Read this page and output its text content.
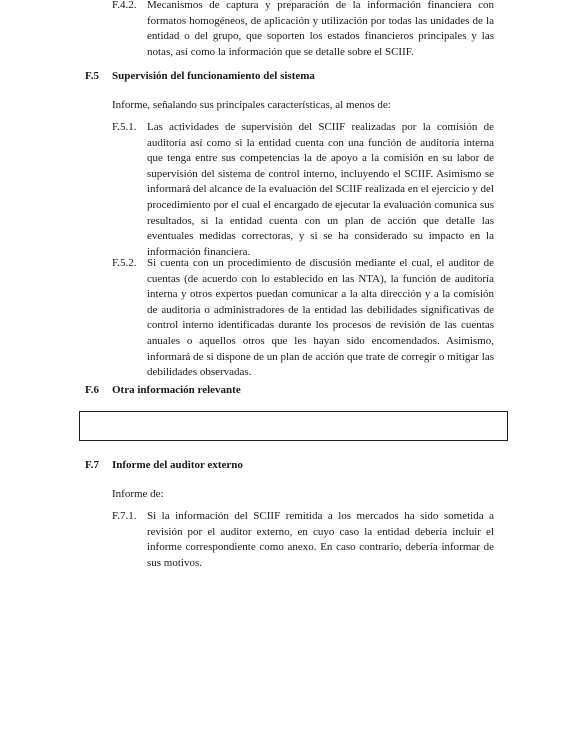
F.4.2. Mecanismos de captura y preparación de la información financiera con formatos homogéneos, de aplicación y utilización por todas las unidades de la entidad o del grupo, que soporten los estados financieros principales y las notas, así como la información que se detalle sobre el SCIIF.
F.5 Supervisión del funcionamiento del sistema
Informe, señalando sus principales características, al menos de:
F.5.1. Las actividades de supervisión del SCIIF realizadas por la comisión de auditoría así como si la entidad cuenta con una función de auditoría interna que tenga entre sus competencias la de apoyo a la comisión en su labor de supervisión del sistema de control interno, incluyendo el SCIIF. Asimismo se informará del alcance de la evaluación del SCIIF realizada en el ejercicio y del procedimiento por el cual el encargado de ejecutar la evaluación comunica sus resultados, si la entidad cuenta con un plan de acción que detalle las eventuales medidas correctoras, y si se ha considerado su impacto en la información financiera.
F.5.2. Si cuenta con un procedimiento de discusión mediante el cual, el auditor de cuentas (de acuerdo con lo establecido en las NTA), la función de auditoría interna y otros expertos puedan comunicar a la alta dirección y a la comisión de auditoría o administradores de la entidad las debilidades significativas de control interno identificadas durante los procesos de revisión de las cuentas anuales o aquellos otros que les hayan sido encomendados. Asimismo, informará de si dispone de un plan de acción que trate de corregir o mitigar las debilidades observadas.
F.6 Otra información relevante
F.7 Informe del auditor externo
Informe de:
F.7.1. Si la información del SCIIF remitida a los mercados ha sido sometida a revisión por el auditor externo, en cuyo caso la entidad debería incluir el informe correspondiente como anexo. En caso contrario, debería informar de sus motivos.
